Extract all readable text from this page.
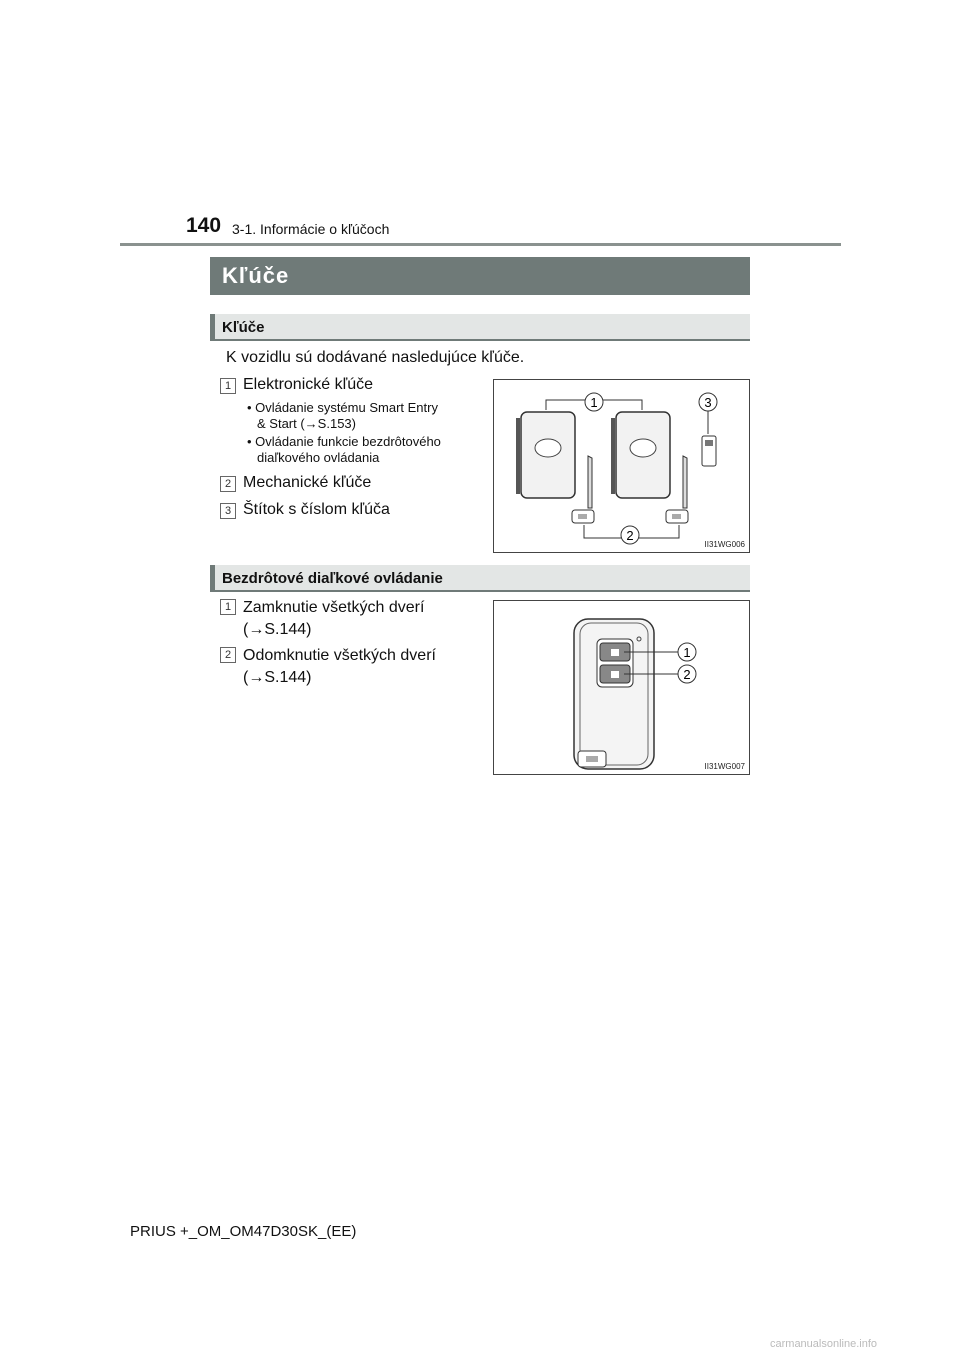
140 3-1. Informácie o kľúčoch
Kľúče
Kľúče
K vozidlu sú dodávané nasledujúce kľúče.
1 Elektronické kľúče
• Ovládanie systému Smart Entry
& Start (→S.153)
• Ovládanie funkcie bezdrôtového
diaľkového ovládania
2 Mechanické kľúče
3 Štítok s číslom kľúča
1	3
2
II31WG006
Bezdrôtové diaľkové ovládanie
1 Zamknutie všetkých dverí
(→S.144)
2 Odomknutie všetkých dverí
(→S.144)
1
2
II31WG007
PRIUS +_OM_OM47D30SK_(EE)
carmanualsonline.info
